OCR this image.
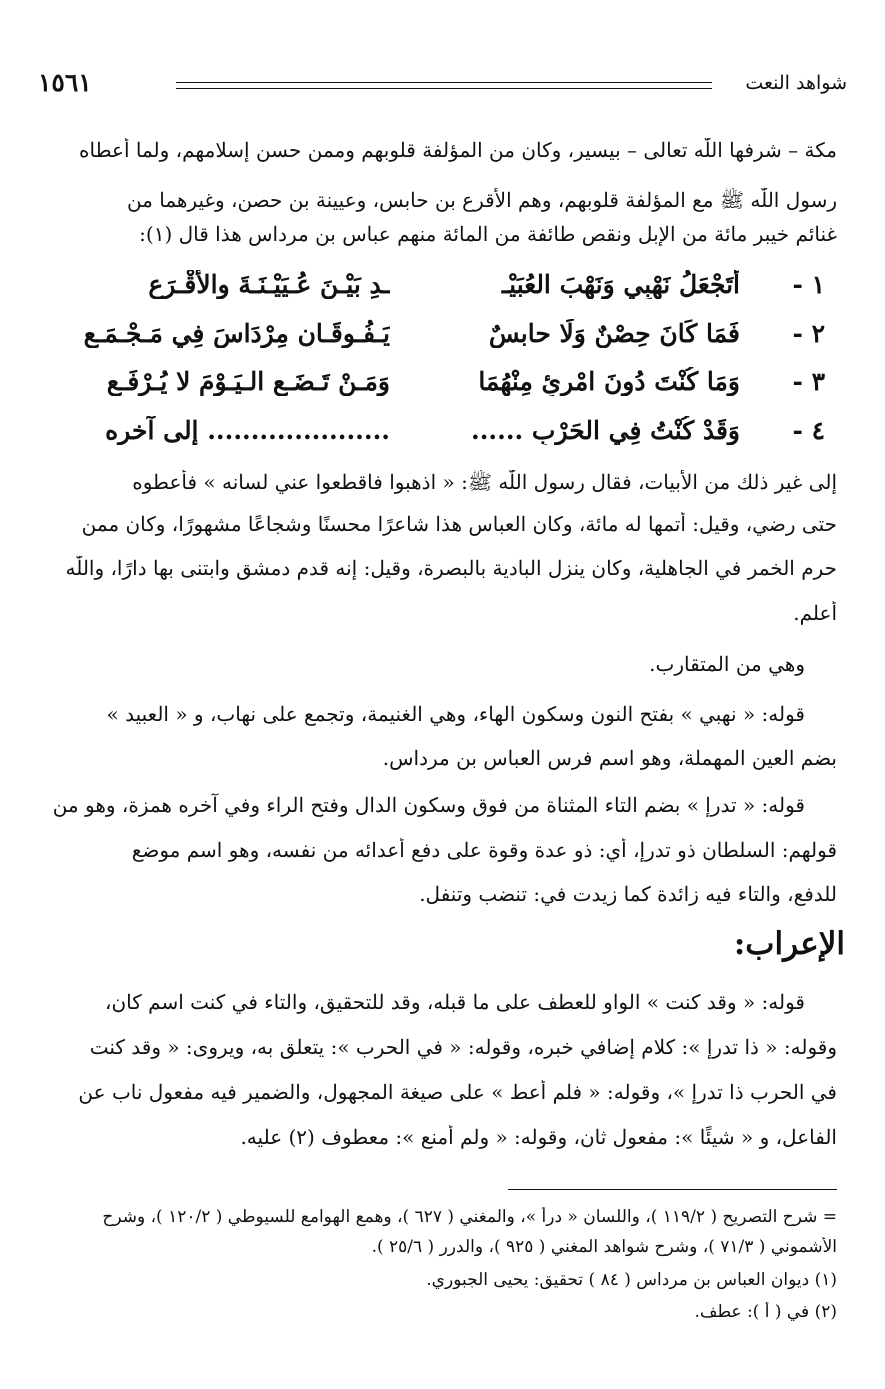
شواهد النعت
١٥٦١
مكة – شرفها اللّٰه تعالى – بيسير، وكان من المؤلفة قلوبهم وممن حسن إسلامهم، ولما أعطاه
رسول اللّٰه ﷺ مع المؤلفة قلوبهم، وهم الأقرع بن حابس، وعيينة بن حصن، وغيرهما من
غنائم خيبر مائة من الإبل ونقص طائفة من المائة منهم عباس بن مرداس هذا قال (١):
١ -
أَتَجْعَلُ نَهْبِي وَنَهْبَ العُبَيْـ
ـدِ بَيْـنَ عُـيَيْـنَـةَ والأَقْـرَعِ
٢ -
فَمَا كَانَ حِصْنٌ وَلَا حابسٌ
يَـفُـوقَـانِ مِرْدَاسَ فِي مَـجْـمَـعِ
٣ -
وَمَا كُنْتَ دُونَ امْرِئٍ مِنْهُمَا
وَمَـنْ تَـضَـعِ الـيَـوْمَ لا يُـرْفَـعِ
٤ -
وَقَدْ كُنْتُ فِي الحَرْبِ ......
..................... إلى آخره
إلى غير ذلك من الأبيات، فقال رسول اللّٰه ﷺ: « اذهبوا فاقطعوا عني لسانه » فأعطوه
حتى رضي، وقيل: أتمها له مائة، وكان العباس هذا شاعرًا محسنًا وشجاعًا مشهورًا، وكان ممن
حرم الخمر في الجاهلية، وكان ينزل البادية بالبصرة، وقيل: إنه قدم دمشق وابتنى بها دارًا، واللّٰه
أعلم.
وهي من المتقارب.
قوله: « نهبي » بفتح النون وسكون الهاء، وهي الغنيمة، وتجمع على نهاب، و « العبيد »
بضم العين المهملة، وهو اسم فرس العباس بن مرداس.
قوله: « تدرإ » بضم التاء المثناة من فوق وسكون الدال وفتح الراء وفي آخره همزة، وهو من
قولهم: السلطان ذو تدرإ، أي: ذو عدة وقوة على دفع أعدائه من نفسه، وهو اسم موضع
للدفع، والتاء فيه زائدة كما زيدت في: تنضب وتنفل.
الإعراب:
قوله: « وقد كنت » الواو للعطف على ما قبله، وقد للتحقيق، والتاء في كنت اسم كان،
وقوله: « ذا تدرإ »: كلام إضافي خبره، وقوله: « في الحرب »: يتعلق به، ويروى: « وقد كنت
في الحرب ذا تدرإ »، وقوله: « فلم أعط » على صيغة المجهول، والضمير فيه مفعول ناب عن
الفاعل، و « شيئًا »: مفعول ثان، وقوله: « ولم أمنع »: معطوف (٢) عليه.
= شرح التصريح ( ١١٩/٢ )، واللسان « درأ »، والمغني ( ٦٢٧ )، وهمع الهوامع للسيوطي ( ١٢٠/٢ )، وشرح
الأشموني ( ٧١/٣ )، وشرح شواهد المغني ( ٩٢٥ )، والدرر ( ٢٥/٦ ).
(١) ديوان العباس بن مرداس ( ٨٤ ) تحقيق: يحيى الجبوري.
(٢) في ( أ ): عطف.
